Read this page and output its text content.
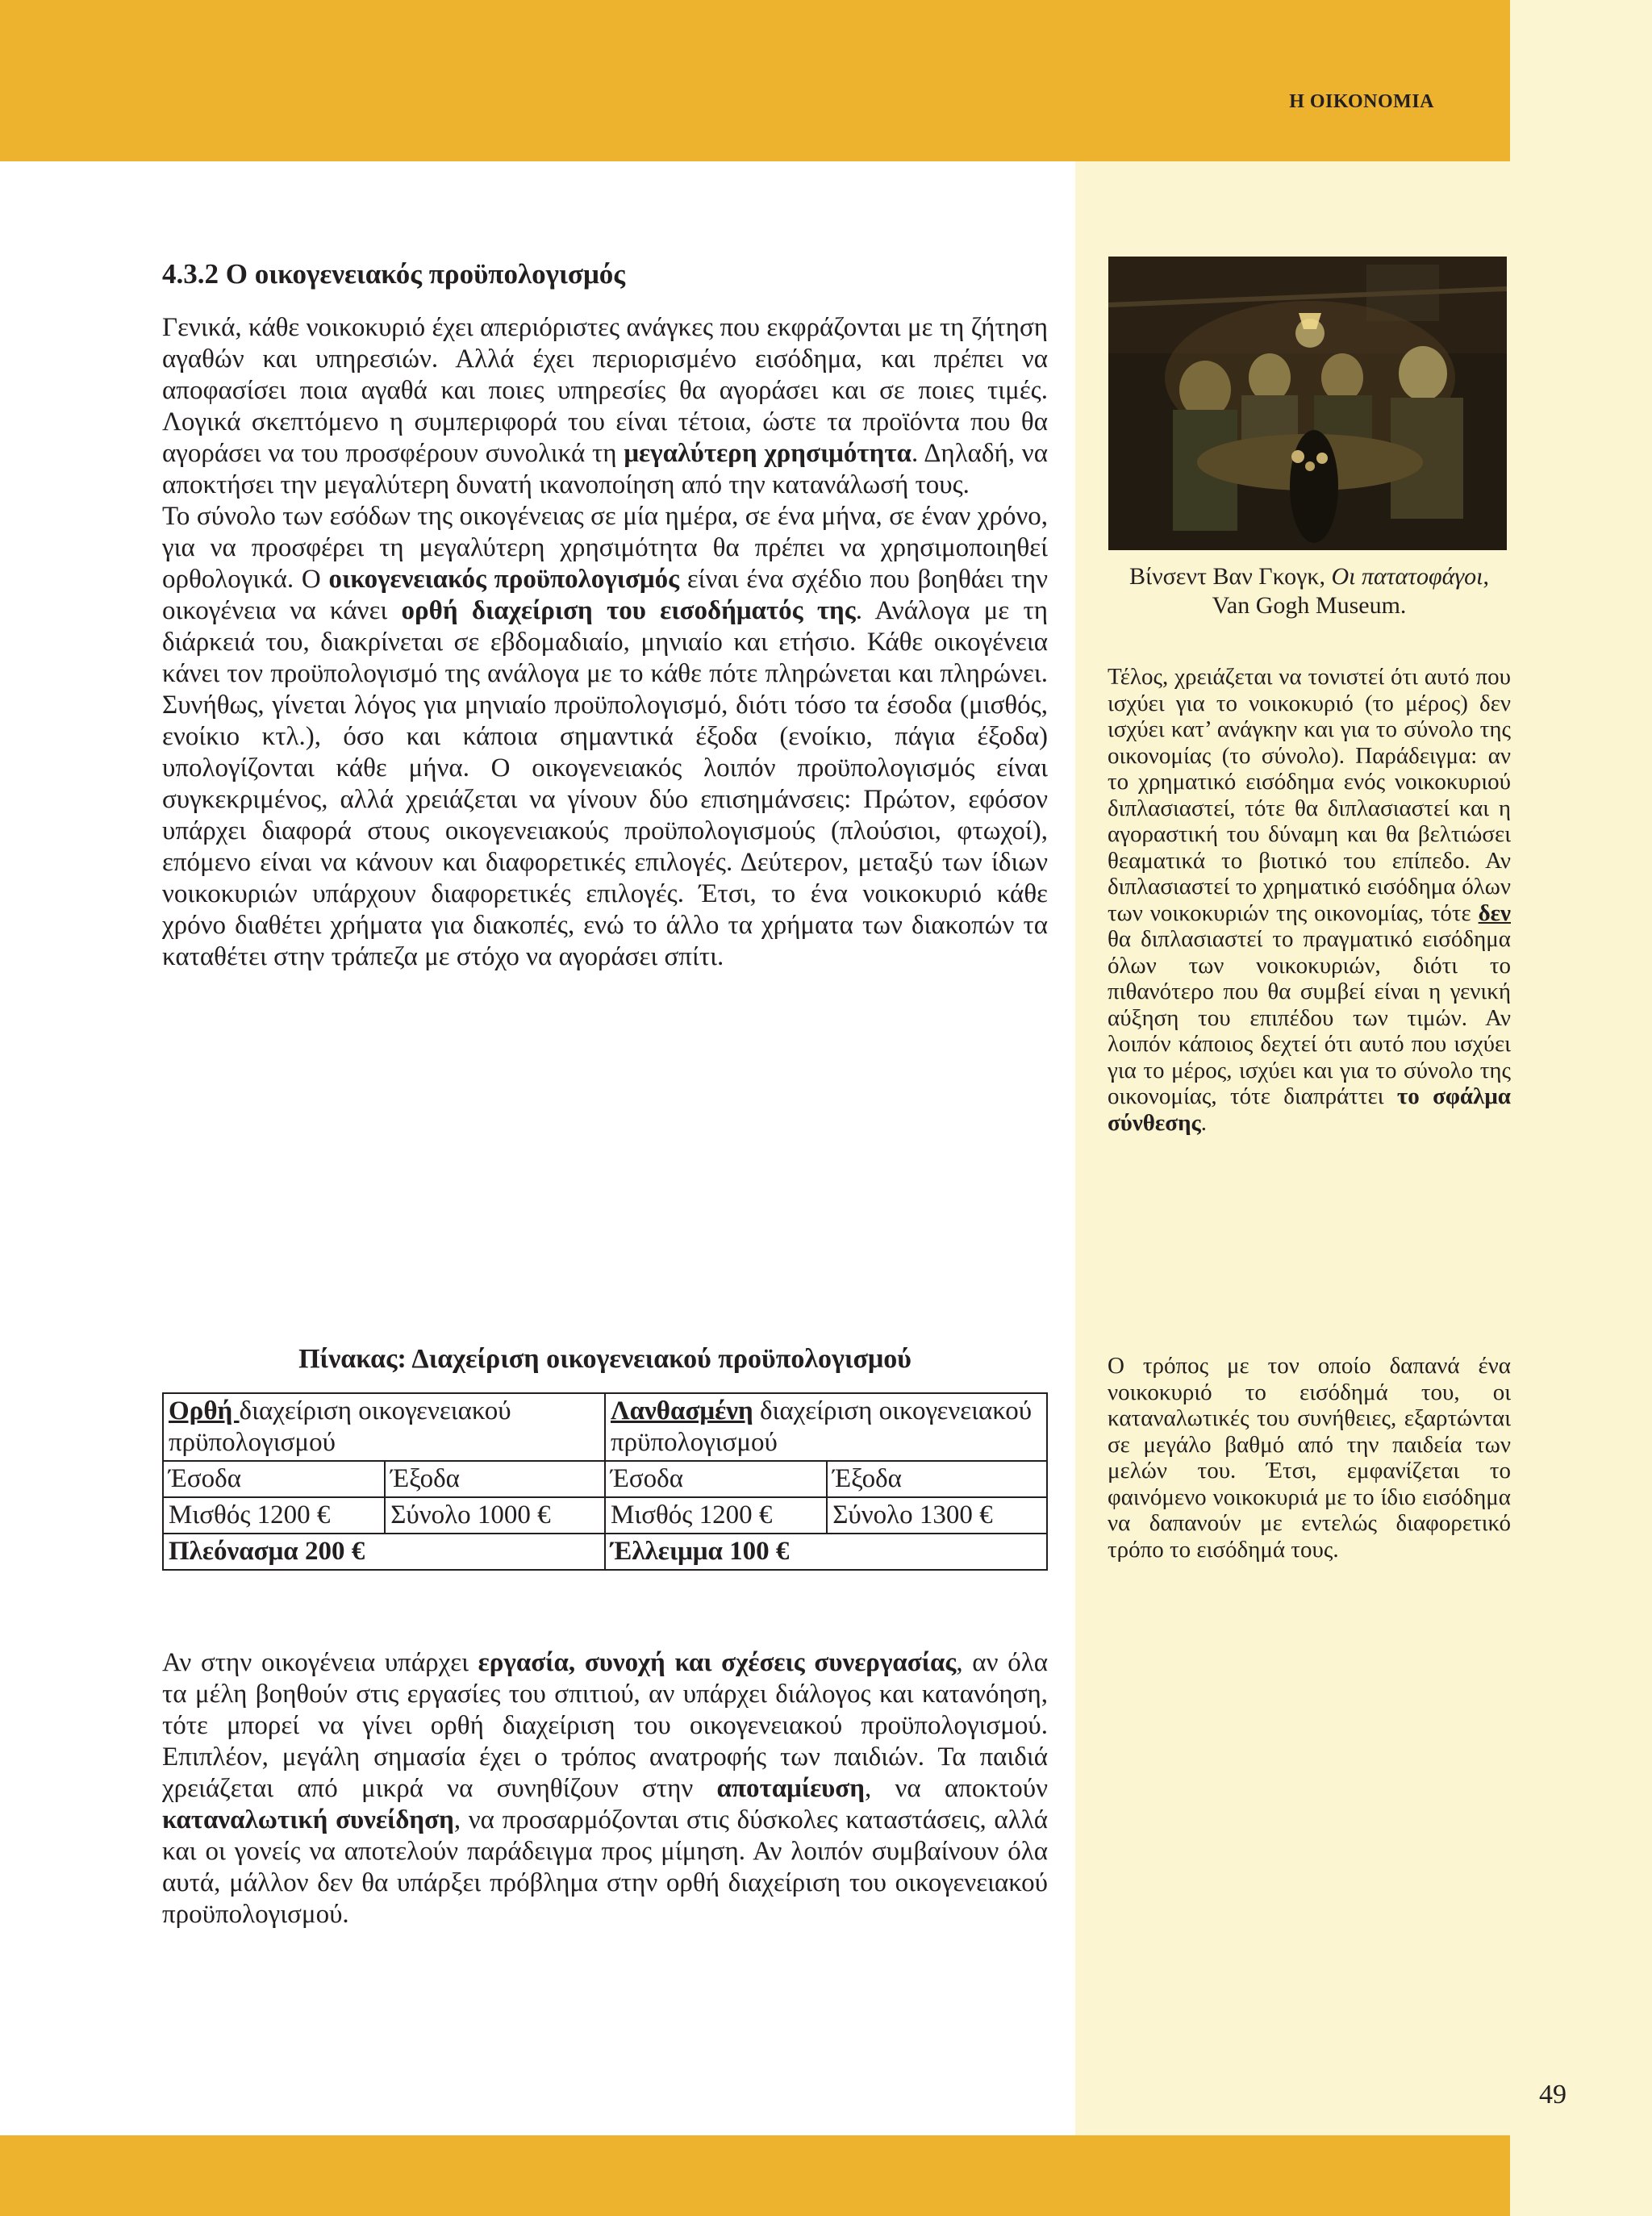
Η ΟΙΚΟΝΟΜΙΑ
4.3.2 Ο οικογενειακός προϋπολογισμός

Γενικά, κάθε νοικοκυριό έχει απεριόριστες ανάγκες που εκφράζονται με τη ζήτηση αγαθών και υπηρεσιών. Αλλά έχει περιορισμένο εισόδημα, και πρέπει να αποφασίσει ποια αγαθά και ποιες υπηρεσίες θα αγοράσει και σε ποιες τιμές. Λογικά σκεπτόμενο η συμπεριφορά του είναι τέτοια, ώστε τα προϊόντα που θα αγοράσει να του προσφέρουν συνολικά τη μεγαλύτερη χρησιμότητα. Δηλαδή, να αποκτήσει την μεγαλύτερη δυνατή ικανοποίηση από την κατανάλωσή τους.

Το σύνολο των εσόδων της οικογένειας σε μία ημέρα, σε ένα μήνα, σε έναν χρόνο, για να προσφέρει τη μεγαλύτερη χρησιμότητα θα πρέπει να χρησιμοποιηθεί ορθολογικά. Ο οικογενειακός προϋπολογισμός είναι ένα σχέδιο που βοηθάει την οικογένεια να κάνει ορθή διαχείριση του εισοδήματός της. Ανάλογα με τη διάρκειά του, διακρίνεται σε εβδομαδιαίο, μηνιαίο και ετήσιο. Κάθε οικογένεια κάνει τον προϋπολογισμό της ανάλογα με το κάθε πότε πληρώνεται και πληρώνει. Συνήθως, γίνεται λόγος για μηνιαίο προϋπολογισμό, διότι τόσο τα έσοδα (μισθός, ενοίκιο κτλ.), όσο και κάποια σημαντικά έξοδα (ενοίκιο, πάγια έξοδα) υπολογίζονται κάθε μήνα. Ο οικογενειακός λοιπόν προϋπολογισμός είναι συγκεκριμένος, αλλά χρειάζεται να γίνουν δύο επισημάνσεις: Πρώτον, εφόσον υπάρχει διαφορά στους οικογενειακούς προϋπολογισμούς (πλούσιοι, φτωχοί), επόμενο είναι να κάνουν και διαφορετικές επιλογές. Δεύτερον, μεταξύ των ίδιων νοικοκυριών υπάρχουν διαφορετικές επιλογές. Έτσι, το ένα νοικοκυριό κάθε χρόνο διαθέτει χρήματα για διακοπές, ενώ το άλλο τα χρήματα των διακοπών τα καταθέτει στην τράπεζα με στόχο να αγοράσει σπίτι.

Πίνακας: Διαχείριση οικογενειακού προϋπολογισμού
Ορθή διαχείριση οικογενειακού πρϋπολογισμού		Λανθασμένη διαχείριση οικογενειακού πρϋπολογισμού	
Έσοδα	Έξοδα	Έσοδα	Έξοδα
Μισθός 1200 €	Σύνολο 1000 €	Μισθός 1200 €	Σύνολο 1300 €
Πλεόνασμα 200 €		Έλλειμμα 100 €	

Αν στην οικογένεια υπάρχει εργασία, συνοχή και σχέσεις συνεργασίας, αν όλα τα μέλη βοηθούν στις εργασίες του σπιτιού, αν υπάρχει διάλογος και κατανόηση, τότε μπορεί να γίνει ορθή διαχείριση του οικογενειακού προϋπολογισμού. Επιπλέον, μεγάλη σημασία έχει ο τρόπος ανατροφής των παιδιών. Τα παιδιά χρειάζεται από μικρά να συνηθίζουν στην αποταμίευση, να αποκτούν καταναλωτική συνείδηση, να προσαρμόζονται στις δύσκολες καταστάσεις, αλλά και οι γονείς να αποτελούν παράδειγμα προς μίμηση. Αν λοιπόν συμβαίνουν όλα αυτά, μάλλον δεν θα υπάρξει πρόβλημα στην ορθή διαχείριση του οικογενειακού προϋπολογισμού.

Βίνσεντ Βαν Γκογκ, Οι πατατοφάγοι,
Van Gogh Museum.

Τέλος, χρειάζεται να τονιστεί ότι αυτό που ισχύει για το νοικοκυριό (το μέρος) δεν ισχύει κατ’ ανάγκην και για το σύνολο της οικονομίας (το σύνολο). Παράδειγμα: αν το χρηματικό εισόδημα ενός νοικοκυριού διπλασιαστεί, τότε θα διπλασιαστεί και η αγοραστική του δύναμη και θα βελτιώσει θεαματικά το βιοτικό του επίπεδο. Αν διπλασιαστεί το χρηματικό εισόδημα όλων των νοικοκυριών της οικονομίας, τότε δεν θα διπλασιαστεί το πραγματικό εισόδημα όλων των νοικοκυριών, διότι το πιθανότερο που θα συμβεί είναι η γενική αύξηση του επιπέδου των τιμών. Αν λοιπόν κάποιος δεχτεί ότι αυτό που ισχύει για το μέρος, ισχύει και για το σύνολο της οικονομίας, τότε διαπράττει το σφάλμα σύνθεσης.

Ο τρόπος με τον οποίο δαπανά ένα νοικοκυριό το εισόδημά του, οι καταναλωτικές του συνήθειες, εξαρτώνται σε μεγάλο βαθμό από την παιδεία των μελών του. Έτσι, εμφανίζεται το φαινόμενο νοικοκυριά με το ίδιο εισόδημα να δαπανούν με εντελώς διαφορετικό τρόπο το εισόδημά τους.

49
